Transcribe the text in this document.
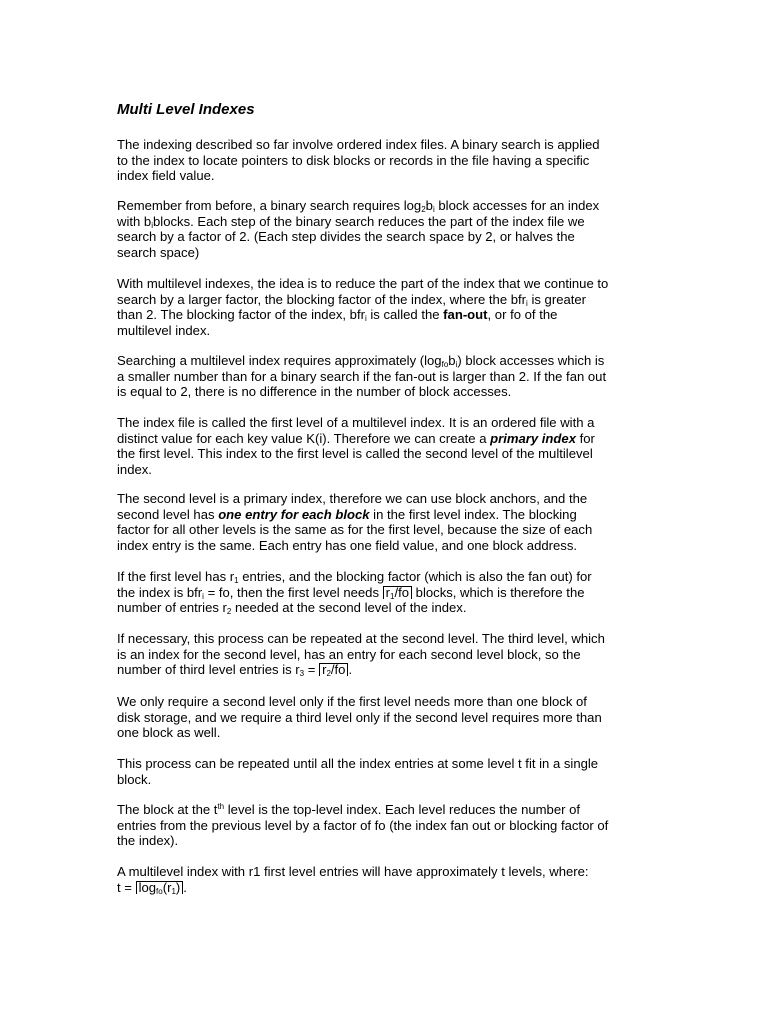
Multi Level Indexes
The indexing described so far involve ordered index files. A binary search is applied
to the index to locate pointers to disk blocks or records in the file having a specific
index field value.
Remember from before, a binary search requires $\log_2b_i$ block accesses for an index
with $b_iblocks$. Each step of the binary search reduces the part of the index file we
search by a factor of 2. (Each step divides the search space by 2, or halves the
search space)
With multilevel indexes, the idea is to reduce the part of the index that we continue to
search by a larger factor, the blocking factor of the index, where the bfr$_i$ is greater
than 2. The blocking factor of the index, bfr$_i$ is called the fan-out, or fo of the
multilevel index.
Searching a multilevel index requires approximately $(\log_{fo}b_i)$ block accesses which is
a smaller number than for a binary search if the fan-out is larger than 2. If the fan out
is equal to 2, there is no difference in the number of block accesses.
The index file is called the first level of a multilevel index. It is an ordered file with a
distinct value for each key value K(i). Therefore we can create a primary index for
the first level. This index to the first level is called the second level of the multilevel
index.
The second level is a primary index, therefore we can use block anchors, and the
second level has one entry for each block in the first level index. The blocking
factor for all other levels is the same as for the first level, because the size of each
index entry is the same. Each entry has one field value, and one block address.
If the first level has $r_1$ entries, and the blocking factor (which is also the fan out) for
the index is bfr$_i$ = fo, then the first level needs $r_1/fo$ blocks, which is therefore the
number of entries $r_2$ needed at the second level of the index.
If necessary, this process can be repeated at the second level. The third level, which
is an index for the second level, has an entry for each second level block, so the
number of third level entries is $r_3 = r_2/fo$ .
We only require a second level only if the first level needs more than one block of
disk storage, and we require a third level only if the second level requires more than
one block as well.
This process can be repeated until all the index entries at some level t fit in a single
block.
The block at the $t^{th}$ level is the top-level index. Each level reduces the number of
entries from the previous level by a factor of fo (the index fan out or blocking factor of
the index).
A multilevel index with r1 first level entries will have approximately t levels, where:
$t = \log_{fo}(r_1)$ .
